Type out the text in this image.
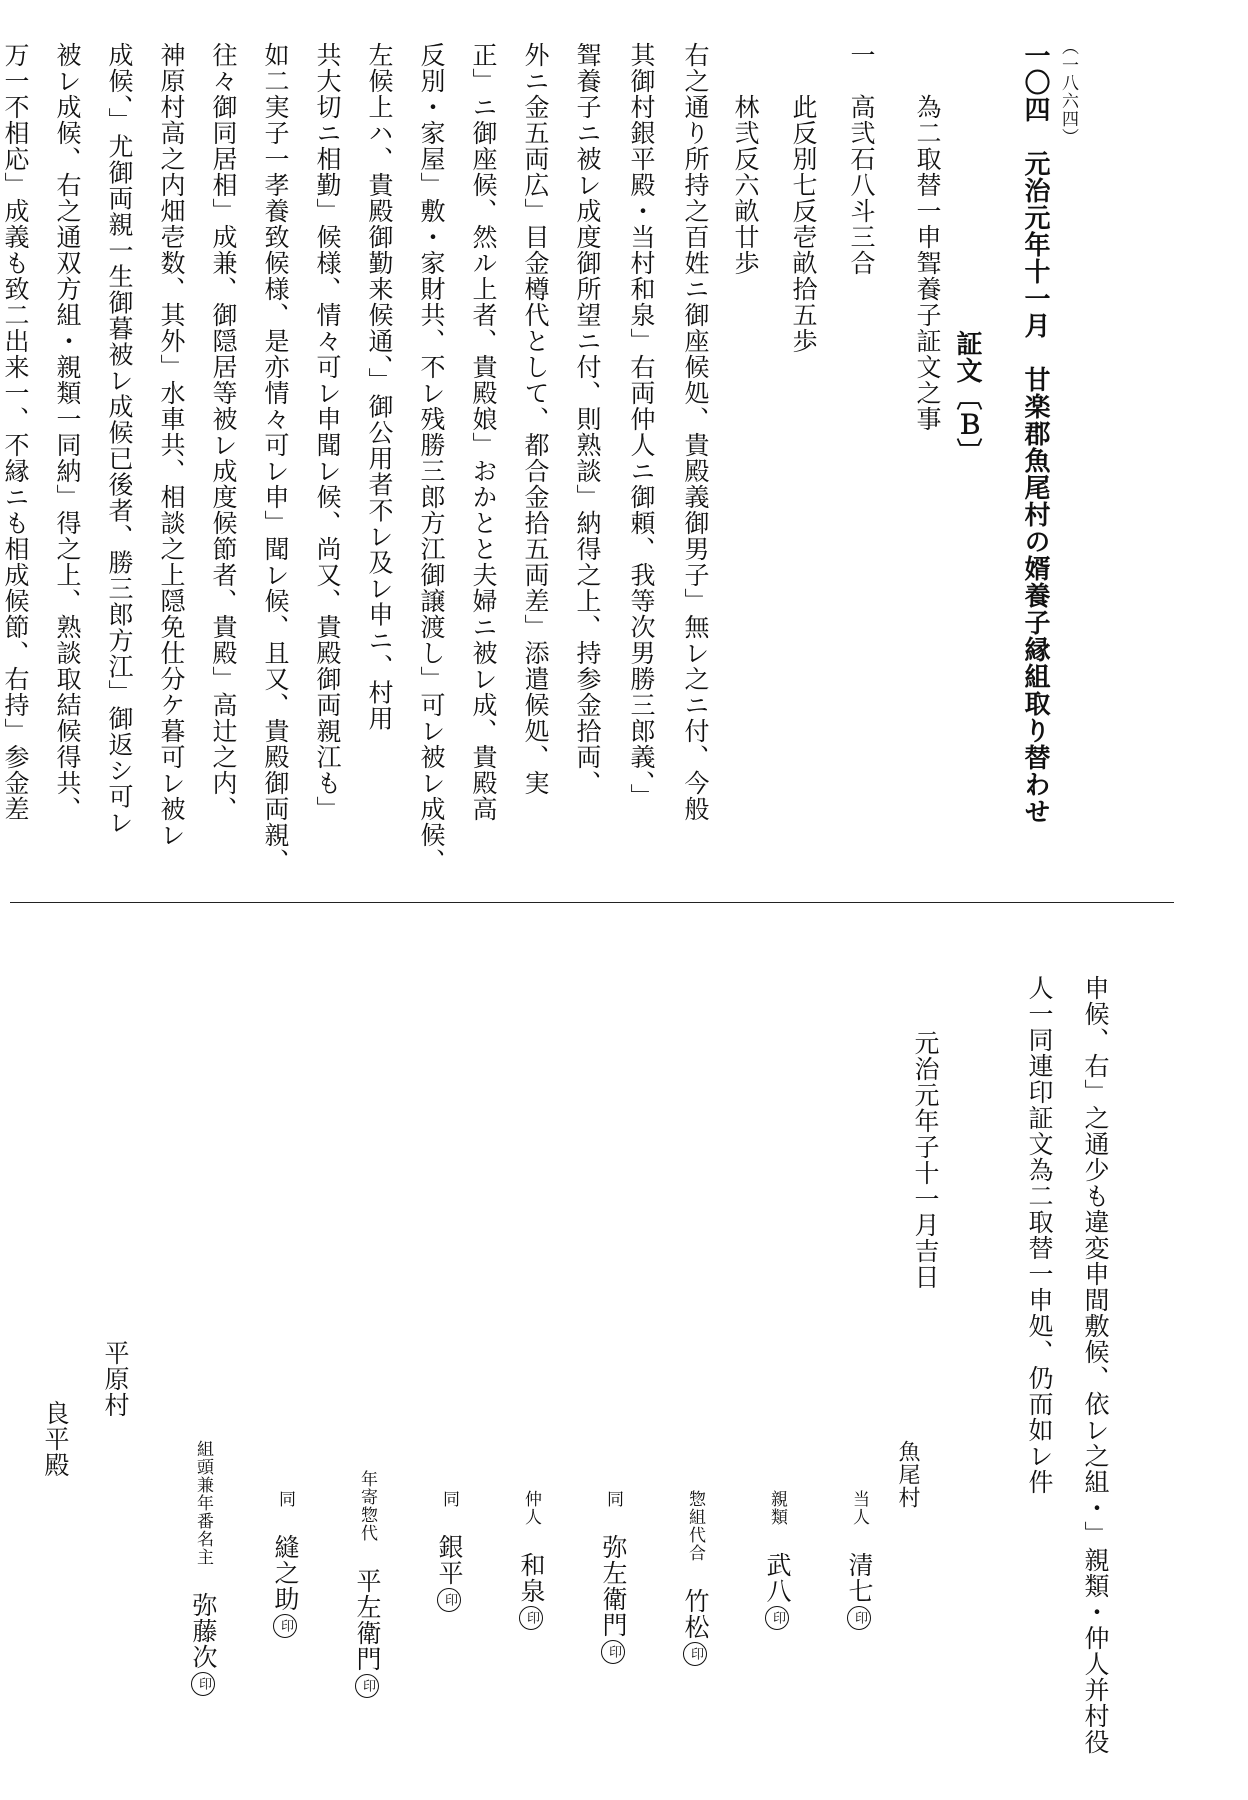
（一八六四）
一〇四　元治元年十一月　甘楽郡魚尾村の婿養子縁組取り替わせ
証文〔Ｂ〕
　　為二取替一申聟養子証文之事
一　高弐石八斗三合
　　此反別七反壱畝拾五歩
　　林弐反六畝廿歩
右之通り所持之百姓ニ御座候処、貴殿義御男子」無レ之ニ付、今般
其御村銀平殿・当村和泉」右両仲人ニ御頼、我等次男勝三郎義、」
聟養子ニ被レ成度御所望ニ付、則熟談」納得之上、持参金拾両、
外ニ金五両広」目金樽代として、都合金拾五両差」添遣候処、実
正」ニ御座候、然ル上者、貴殿娘」おかとと夫婦ニ被レ成、貴殿高
反別・家屋」敷・家財共、不レ残勝三郎方江御譲渡し」可レ被レ成候、
左候上ハ、貴殿御勤来候通、」御公用者不レ及レ申ニ、村用
共大切ニ相勤」候様、情々可レ申聞レ候、尚又、貴殿御両親江も」
如二実子一孝養致候様、是亦情々可レ申」聞レ候、且又、貴殿御両親、
往々御同居相」成兼、御隠居等被レ成度候節者、貴殿」高辻之内、
神原村高之内畑壱数、其外」水車共、相談之上隠免仕分ケ暮可レ被レ
成候、」尤御両親一生御暮被レ成候已後者、勝三郎方江」御返シ可レ
被レ成候、右之通双方組・親類一同納」得之上、熟談取結候得共、
万一不相応」成義も致二出来一、不縁ニも相成候節、右持」参金差
申候、右」之通少も違変申間敷候、依レ之組・」親類・仲人并村役
人一同連印証文為二取替一申処、仍而如レ件
元治元年子十一月吉日
魚尾村
当人　清七印
親類　武八印
惣組代合　竹松印
同　弥左衛門印
仲人　和泉印
同　銀平印
年寄惣代　平左衛門印
同　縫之助印
組頭兼年番名主　弥藤次印
平原村
良平殿
